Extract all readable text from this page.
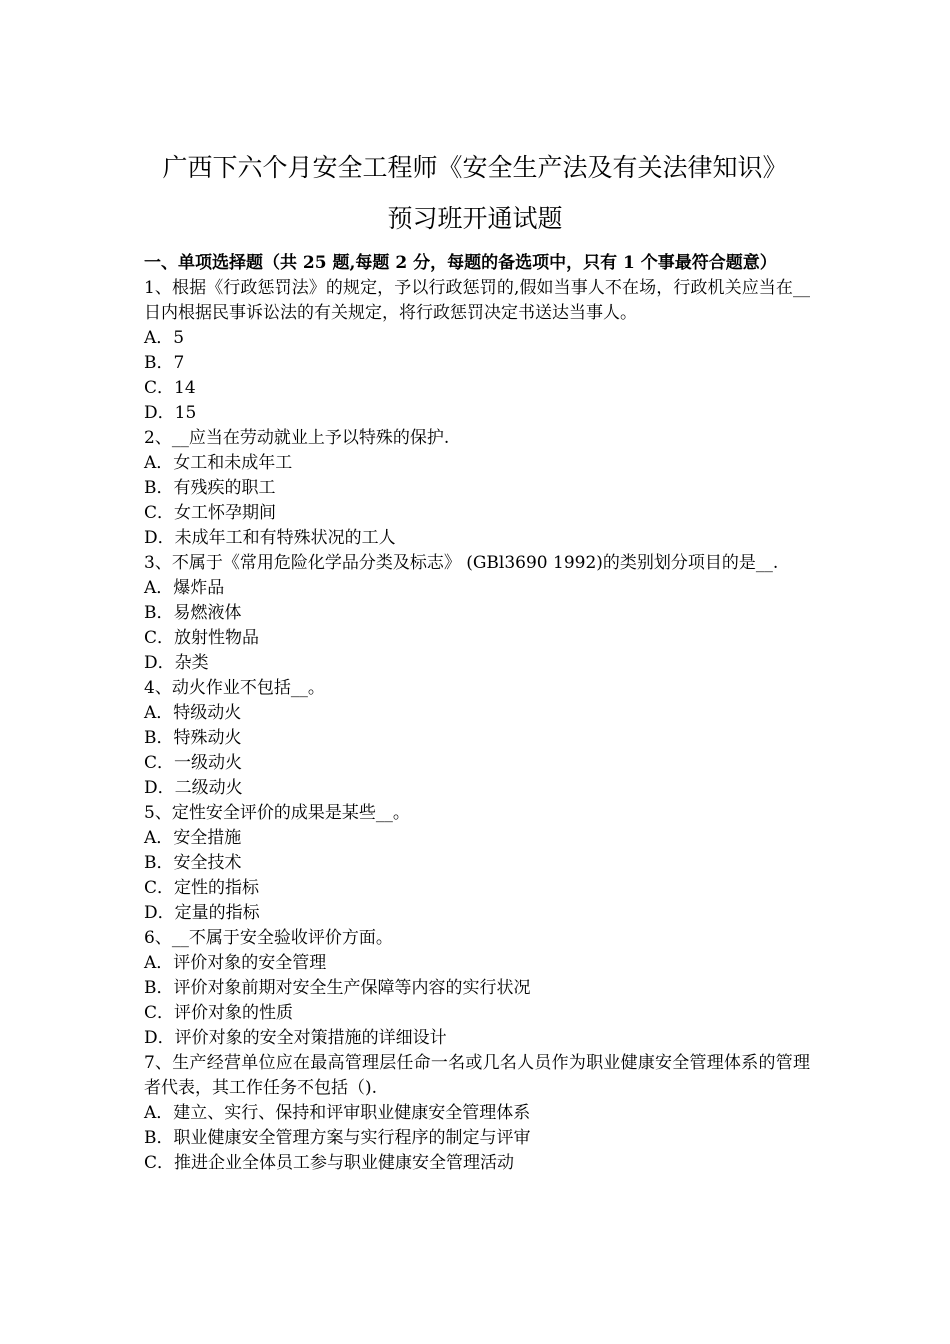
广西下六个月安全工程师《安全生产法及有关法律知识》
预习班开通试题

一、单项选择题（共 25 题,每题 2 分，每题的备选项中，只有 1 个事最符合题意）

1、根据《行政惩罚法》的规定，予以行政惩罚的,假如当事人不在场，行政机关应当在__日内根据民事诉讼法的有关规定，将行政惩罚决定书送达当事人。

A．5

B．7

C．14

D．15

2、__应当在劳动就业上予以特殊的保护.

A．女工和未成年工

B．有残疾的职工

C．女工怀孕期间

D．未成年工和有特殊状况的工人

3、不属于《常用危险化学品分类及标志》 (GBl3690 1992)的类别划分项目的是__.

A．爆炸品

B．易燃液体

C．放射性物品

D．杂类

4、动火作业不包括__。

A．特级动火

B．特殊动火

C．一级动火

D．二级动火

5、定性安全评价的成果是某些__。

A．安全措施

B．安全技术

C．定性的指标

D．定量的指标

6、__不属于安全验收评价方面。

A．评价对象的安全管理

B．评价对象前期对安全生产保障等内容的实行状况

C．评价对象的性质

D．评价对象的安全对策措施的详细设计

7、生产经营单位应在最高管理层任命一名或几名人员作为职业健康安全管理体系的管理者代表，其工作任务不包括（).

A．建立、实行、保持和评审职业健康安全管理体系

B．职业健康安全管理方案与实行程序的制定与评审

C．推进企业全体员工参与职业健康安全管理活动
